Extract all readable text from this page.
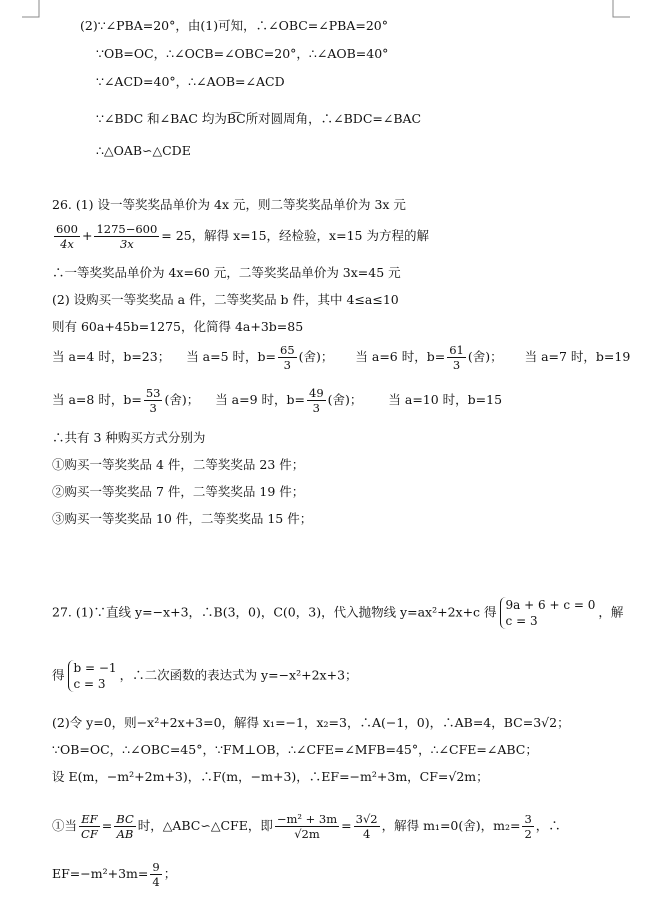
(2)∵∠PBA=20°，由(1)可知，∴∠OBC=∠PBA=20°
∵OB=OC，∴∠OCB=∠OBC=20°，∴∠AOB=40°
∵∠ACD=40°，∴∠AOB=∠ACD
∵∠BDC 和∠BAC 均为B͡C所对圆周角，∴∠BDC=∠BAC
∴△OAB∽△CDE
26. (1) 设一等奖奖品单价为 4x 元，则二等奖奖品单价为 3x 元
$\frac{600}{4x} + \frac{1275-600}{3x} = 25$，解得 x=15，经检验，x=15 为方程的解
∴一等奖奖品单价为 4x=60 元，二等奖奖品单价为 3x=45 元
(2) 设购买一等奖奖品 a 件，二等奖奖品 b 件，其中 4≤a≤10
则有 60a+45b=1275，化简得 4a+3b=85
当 a=4 时，b=23； 当 a=5 时，$b= \frac{65}{3}$ (舍)； 当 a=6 时，$b= \frac{61}{3}$ (舍)； 当 a=7 时，b=19
当 a=8 时，$b= \frac{53}{3}$ (舍)； 当 a=9 时，$b= \frac{49}{3}$ (舍)； 当 a=10 时，b=15
∴共有 3 种购买方式分别为
①购买一等奖奖品 4 件，二等奖奖品 23 件；
②购买一等奖奖品 7 件，二等奖奖品 19 件；
③购买一等奖奖品 10 件，二等奖奖品 15 件；
27. (1)∵直线 y=−x+3，∴B(3，0)，C(0，3)，代入抛物线 y=ax²+2x+c 得 9a + 6 + c = 0
c = 3
，解
得 b = −1
c = 3
，∴二次函数的表达式为 y=−x²+2x+3；
(2)令 y=0，则−x²+2x+3=0，解得 x₁=−1，x₂=3，∴A(−1，0)，∴AB=4，BC=3√2；
∵OB=OC，∴∠OBC=45°，∵FM⊥OB，∴∠CFE=∠MFB=45°，∴∠CFE=∠ABC；
设 E(m，−m²+2m+3)，∴F(m，−m+3)，∴EF=−m²+3m，CF=√2m；
①当 $\frac{EF}{CF} = \frac{BC}{AB}$ 时，△ABC∽△CFE，即 $\frac{\text{−m² + 3m}}{√2m} = \frac{3√2}{4}$ ，解得 m₁=0(舍)，$m_2= \frac{3}{2}$ ，∴
$EF=-m^2+3m= \frac{9}{4}$ ；
